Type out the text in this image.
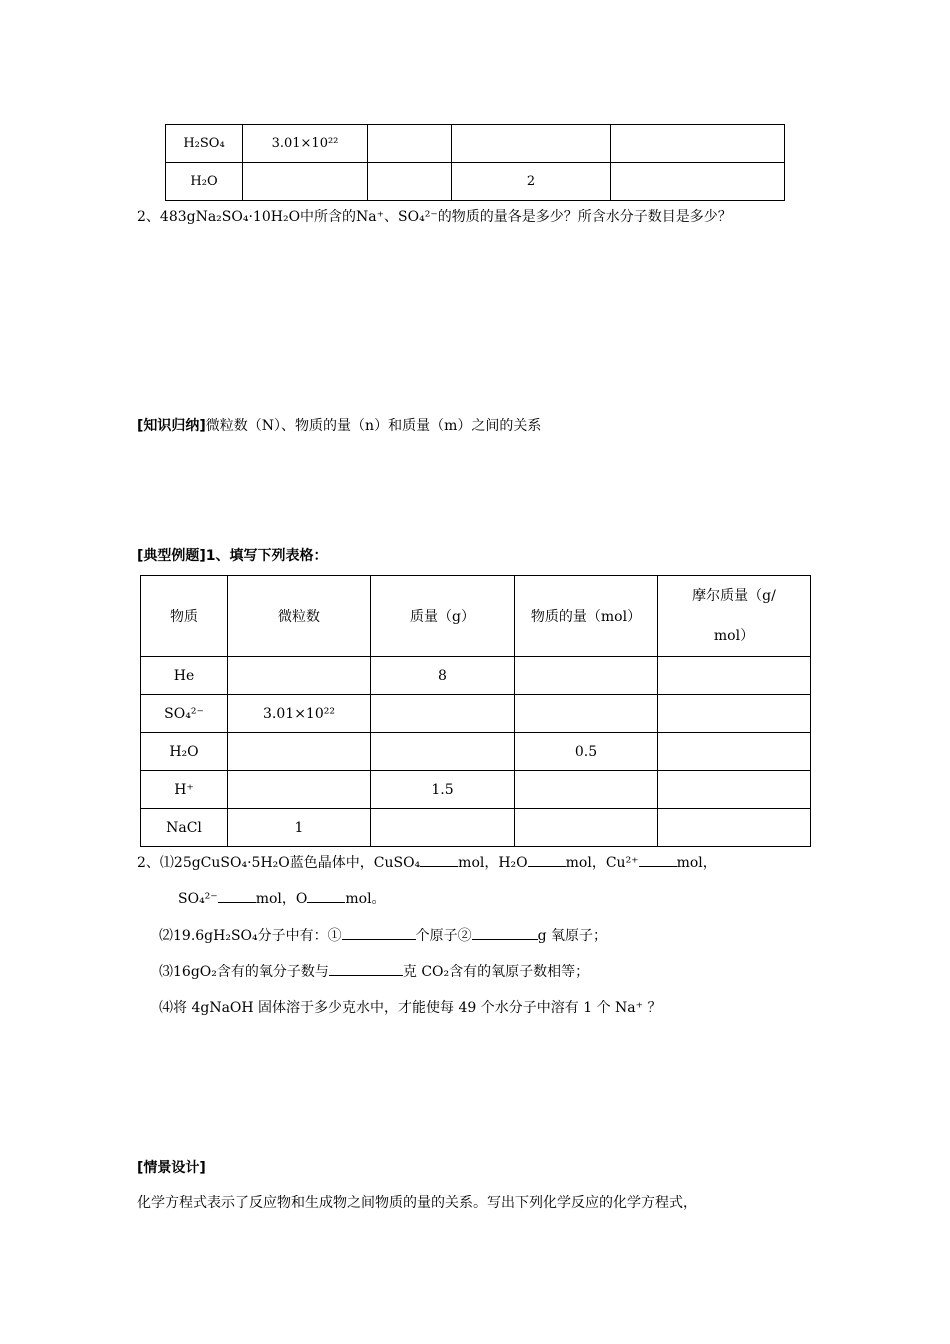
H₂SO₄	3.01×10²²			
H₂O			2	
2、483gNa₂SO₄·10H₂O中所含的Na⁺、SO₄²⁻的物质的量各是多少？所含水分子数目是多少？
[知识归纳]微粒数（N）、物质的量（n）和质量（m）之间的关系
[典型例题]1、填写下列表格：
物质	微粒数	质量（g）	物质的量（mol）	摩尔质量（g/
mol）

He		8		
SO₄²⁻	3.01×10²²			
H₂O			0.5	
H⁺		1.5		
NaCl	1			
2、⑴25gCuSO₄·5H₂O蓝色晶体中，CuSO₄	mol，H₂O	mol，Cu²⁺	mol，
SO₄²⁻	mol，O	mol。
⑵19.6gH₂SO₄分子中有：①	个原子②	g 氧原子；
⑶16gO₂含有的氧分子数与	克 CO₂含有的氧原子数相等；
⑷将 4gNaOH 固体溶于多少克水中，才能使每 49 个水分子中溶有 1 个 Na⁺ ？
[情景设计]
化学方程式表示了反应物和生成物之间物质的量的关系。写出下列化学反应的化学方程式，
